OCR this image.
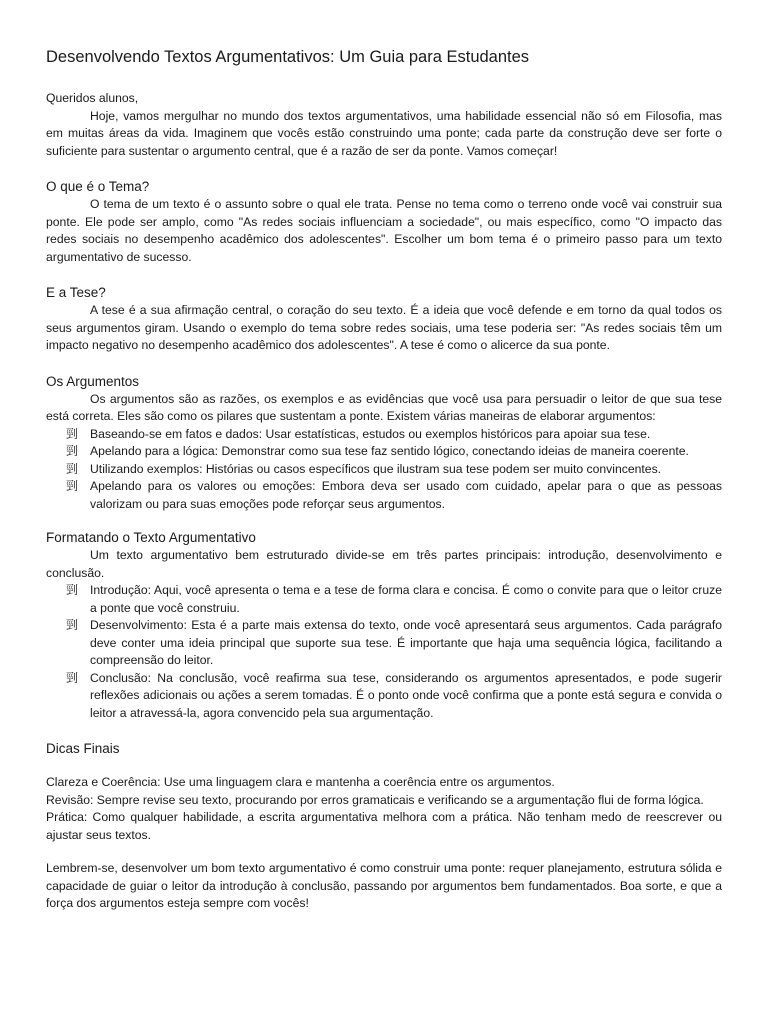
Desenvolvendo Textos Argumentativos: Um Guia para Estudantes

Queridos alunos,

Hoje, vamos mergulhar no mundo dos textos argumentativos, uma habilidade essencial não só em Filosofia, mas em muitas áreas da vida. Imaginem que vocês estão construindo uma ponte; cada parte da construção deve ser forte o suficiente para sustentar o argumento central, que é a razão de ser da ponte. Vamos começar!

O que é o Tema?

O tema de um texto é o assunto sobre o qual ele trata. Pense no tema como o terreno onde você vai construir sua ponte. Ele pode ser amplo, como "As redes sociais influenciam a sociedade", ou mais específico, como "O impacto das redes sociais no desempenho acadêmico dos adolescentes". Escolher um bom tema é o primeiro passo para um texto argumentativo de sucesso.

E a Tese?

A tese é a sua afirmação central, o coração do seu texto. É a ideia que você defende e em torno da qual todos os seus argumentos giram. Usando o exemplo do tema sobre redes sociais, uma tese poderia ser: "As redes sociais têm um impacto negativo no desempenho acadêmico dos adolescentes". A tese é como o alicerce da sua ponte.

Os Argumentos

Os argumentos são as razões, os exemplos e as evidências que você usa para persuadir o leitor de que sua tese está correta. Eles são como os pilares que sustentam a ponte. Existem várias maneiras de elaborar argumentos:

剄 Baseando-se em fatos e dados: Usar estatísticas, estudos ou exemplos históricos para apoiar sua tese.
剄 Apelando para a lógica: Demonstrar como sua tese faz sentido lógico, conectando ideias de maneira coerente.
剄 Utilizando exemplos: Histórias ou casos específicos que ilustram sua tese podem ser muito convincentes.
剄 Apelando para os valores ou emoções: Embora deva ser usado com cuidado, apelar para o que as pessoas valorizam ou para suas emoções pode reforçar seus argumentos.
Formatando o Texto Argumentativo

Um texto argumentativo bem estruturado divide-se em três partes principais: introdução, desenvolvimento e conclusão.

剄 Introdução: Aqui, você apresenta o tema e a tese de forma clara e concisa. É como o convite para que o leitor cruze a ponte que você construiu.
剄 Desenvolvimento: Esta é a parte mais extensa do texto, onde você apresentará seus argumentos. Cada parágrafo deve conter uma ideia principal que suporte sua tese. É importante que haja uma sequência lógica, facilitando a compreensão do leitor.
剄 Conclusão: Na conclusão, você reafirma sua tese, considerando os argumentos apresentados, e pode sugerir reflexões adicionais ou ações a serem tomadas. É o ponto onde você confirma que a ponte está segura e convida o leitor a atravessá-la, agora convencido pela sua argumentação.
Dicas Finais

Clareza e Coerência: Use uma linguagem clara e mantenha a coerência entre os argumentos.

Revisão: Sempre revise seu texto, procurando por erros gramaticais e verificando se a argumentação flui de forma lógica.

Prática: Como qualquer habilidade, a escrita argumentativa melhora com a prática. Não tenham medo de reescrever ou ajustar seus textos.

Lembrem-se, desenvolver um bom texto argumentativo é como construir uma ponte: requer planejamento, estrutura sólida e capacidade de guiar o leitor da introdução à conclusão, passando por argumentos bem fundamentados. Boa sorte, e que a força dos argumentos esteja sempre com vocês!
